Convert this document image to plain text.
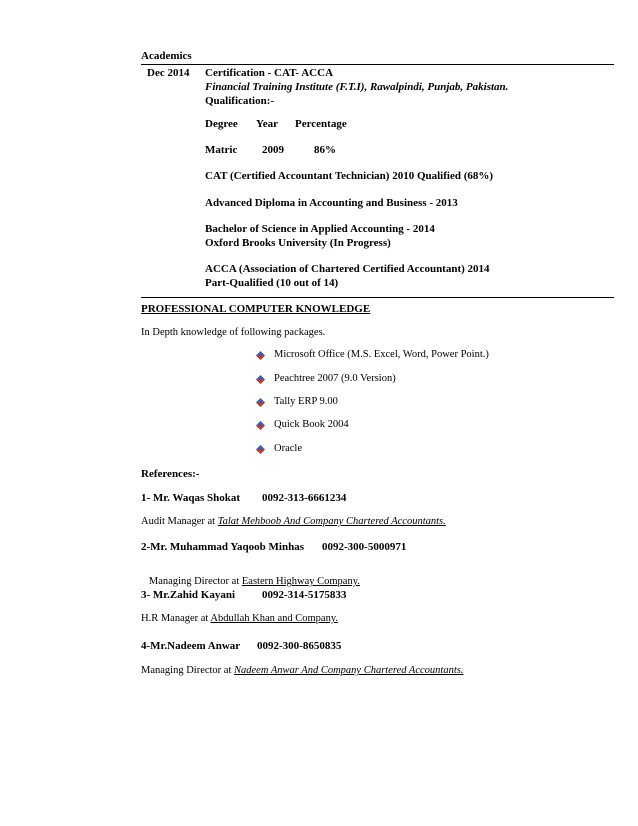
Academics
Dec 2014 Certification - CAT- ACCA
Financial Training Institute (F.T.I), Rawalpindi, Punjab, Pakistan.
Qualification:-
Degree Year Percentage
Matric 2009	86%
CAT (Certified Accountant Technician) 2010 Qualified (68%)
Advanced Diploma in Accounting and Business - 2013
Bachelor of Science in Applied Accounting - 2014
Oxford Brooks University (In Progress)
ACCA (Association of Chartered Certified Accountant) 2014
Part-Qualified (10 out of 14)
PROFESSIONAL COMPUTER KNOWLEDGE
In Depth knowledge of following packages.
Microsoft Office (M.S. Excel, Word, Power Point.)
Peachtree 2007 (9.0 Version)
Tally ERP 9.00
Quick Book 2004
Oracle
References:-
1- Mr. Waqas Shokat 0092-313-6661234
Audit Manager at Talat Mehboob And Company Chartered Accountants.
2-Mr. Muhammad Yaqoob Minhas 0092-300-5000971

Managing Director at Eastern Highway Company.

3- Mr.Zahid Kayani 0092-314-5175833
H.R Manager at Abdullah Khan and Company.
4-Mr.Nadeem Anwar 0092-300-8650835
Managing Director at Nadeem Anwar And Company Chartered Accountants.
